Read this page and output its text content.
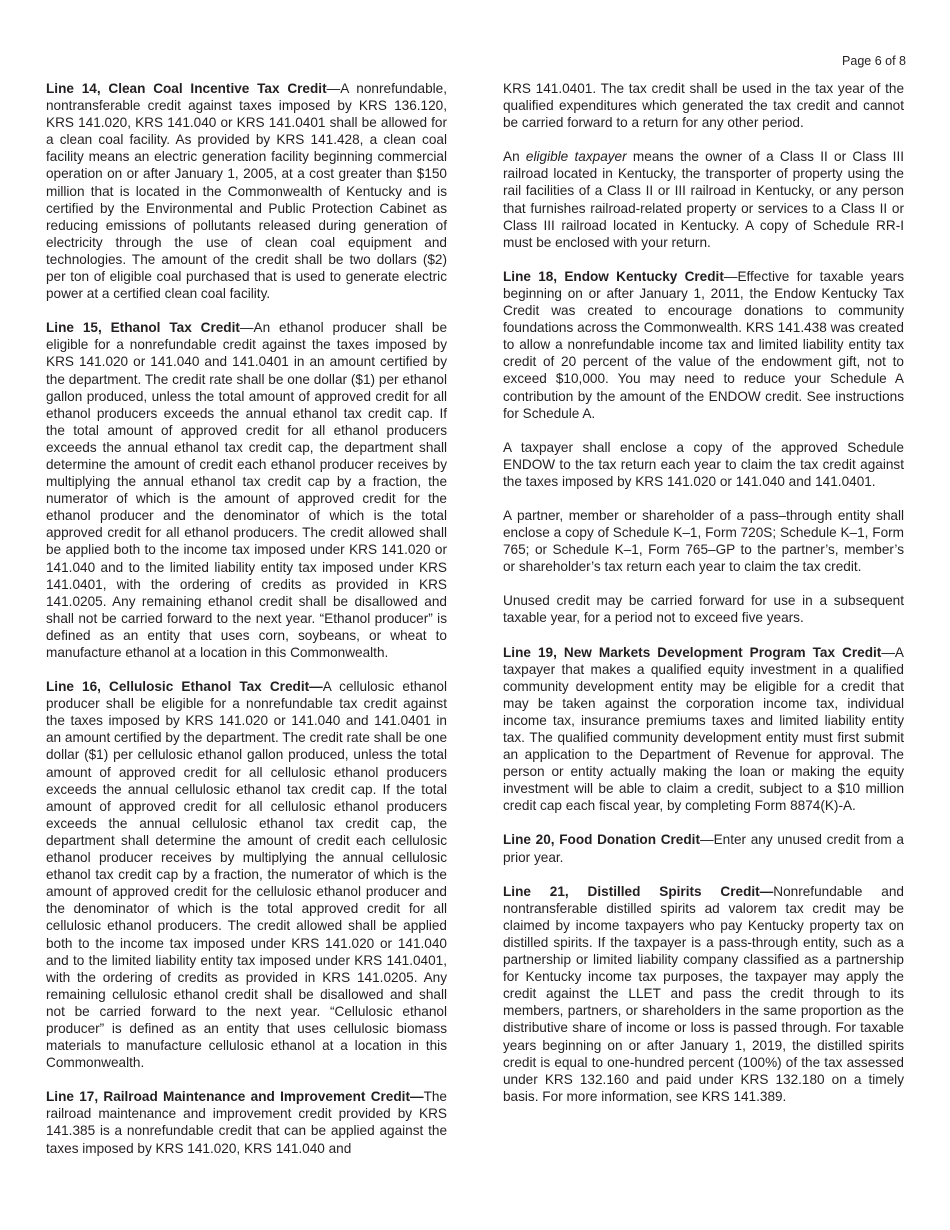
Page 6 of 8

Line 14, Clean Coal Incentive Tax Credit—A nonrefundable, nontransferable credit against taxes imposed by KRS 136.120, KRS 141.020, KRS 141.040 or KRS 141.0401 shall be allowed for a clean coal facility. As provided by KRS 141.428, a clean coal facility means an electric generation facility beginning commercial operation on or after January 1, 2005, at a cost greater than $150 million that is located in the Commonwealth of Kentucky and is certified by the Environmental and Public Protection Cabinet as reducing emissions of pollutants released during generation of electricity through the use of clean coal equipment and technologies. The amount of the credit shall be two dollars ($2) per ton of eligible coal purchased that is used to generate electric power at a certified clean coal facility.

Line 15, Ethanol Tax Credit—An ethanol producer shall be eligible for a nonrefundable credit against the taxes imposed by KRS 141.020 or 141.040 and 141.0401 in an amount certified by the department. The credit rate shall be one dollar ($1) per ethanol gallon produced, unless the total amount of approved credit for all ethanol producers exceeds the annual ethanol tax credit cap. If the total amount of approved credit for all ethanol producers exceeds the annual ethanol tax credit cap, the department shall determine the amount of credit each ethanol producer receives by multiplying the annual ethanol tax credit cap by a fraction, the numerator of which is the amount of approved credit for the ethanol producer and the denominator of which is the total approved credit for all ethanol producers. The credit allowed shall be applied both to the income tax imposed under KRS 141.020 or 141.040 and to the limited liability entity tax imposed under KRS 141.0401, with the ordering of credits as provided in KRS 141.0205. Any remaining ethanol credit shall be disallowed and shall not be carried forward to the next year. “Ethanol producer” is defined as an entity that uses corn, soybeans, or wheat to manufacture ethanol at a location in this Commonwealth.

Line 16, Cellulosic Ethanol Tax Credit—A cellulosic ethanol producer shall be eligible for a nonrefundable tax credit against the taxes imposed by KRS 141.020 or 141.040 and 141.0401 in an amount certified by the department. The credit rate shall be one dollar ($1) per cellulosic ethanol gallon produced, unless the total amount of approved credit for all cellulosic ethanol producers exceeds the annual cellulosic ethanol tax credit cap. If the total amount of approved credit for all cellulosic ethanol producers exceeds the annual cellulosic ethanol tax credit cap, the department shall determine the amount of credit each cellulosic ethanol producer receives by multiplying the annual cellulosic ethanol tax credit cap by a fraction, the numerator of which is the amount of approved credit for the cellulosic ethanol producer and the denominator of which is the total approved credit for all cellulosic ethanol producers. The credit allowed shall be applied both to the income tax imposed under KRS 141.020 or 141.040 and to the limited liability entity tax imposed under KRS 141.0401, with the ordering of credits as provided in KRS 141.0205. Any remaining cellulosic ethanol credit shall be disallowed and shall not be carried forward to the next year. “Cellulosic ethanol producer” is defined as an entity that uses cellulosic biomass materials to manufacture cellulosic ethanol at a location in this Commonwealth.

Line 17, Railroad Maintenance and Improvement Credit—The railroad maintenance and improvement credit provided by KRS 141.385 is a nonrefundable credit that can be applied against the taxes imposed by KRS 141.020, KRS 141.040 and

KRS 141.0401. The tax credit shall be used in the tax year of the qualified expenditures which generated the tax credit and cannot be carried forward to a return for any other period.

An eligible taxpayer means the owner of a Class II or Class III railroad located in Kentucky, the transporter of property using the rail facilities of a Class II or III railroad in Kentucky, or any person that furnishes railroad-related property or services to a Class II or Class III railroad located in Kentucky. A copy of Schedule RR-I must be enclosed with your return.

Line 18, Endow Kentucky Credit—Effective for taxable years beginning on or after January 1, 2011, the Endow Kentucky Tax Credit was created to encourage donations to community foundations across the Commonwealth. KRS 141.438 was created to allow a nonrefundable income tax and limited liability entity tax credit of 20 percent of the value of the endowment gift, not to exceed $10,000. You may need to reduce your Schedule A contribution by the amount of the ENDOW credit. See instructions for Schedule A.

A taxpayer shall enclose a copy of the approved Schedule ENDOW to the tax return each year to claim the tax credit against the taxes imposed by KRS 141.020 or 141.040 and 141.0401.

A partner, member or shareholder of a pass–through entity shall enclose a copy of Schedule K–1, Form 720S; Schedule K–1, Form 765; or Schedule K–1, Form 765–GP to the partner’s, member’s or shareholder’s tax return each year to claim the tax credit.

Unused credit may be carried forward for use in a subsequent taxable year, for a period not to exceed five years.

Line 19, New Markets Development Program Tax Credit—A taxpayer that makes a qualified equity investment in a qualified community development entity may be eligible for a credit that may be taken against the corporation income tax, individual income tax, insurance premiums taxes and limited liability entity tax. The qualified community development entity must first submit an application to the Department of Revenue for approval. The person or entity actually making the loan or making the equity investment will be able to claim a credit, subject to a $10 million credit cap each fiscal year, by completing Form 8874(K)-A.

Line 20, Food Donation Credit—Enter any unused credit from a prior year.

Line 21, Distilled Spirits Credit—Nonrefundable and nontransferable distilled spirits ad valorem tax credit may be claimed by income taxpayers who pay Kentucky property tax on distilled spirits. If the taxpayer is a pass-through entity, such as a partnership or limited liability company classified as a partnership for Kentucky income tax purposes, the taxpayer may apply the credit against the LLET and pass the credit through to its members, partners, or shareholders in the same proportion as the distributive share of income or loss is passed through. For taxable years beginning on or after January 1, 2019, the distilled spirits credit is equal to one-hundred percent (100%) of the tax assessed under KRS 132.160 and paid under KRS 132.180 on a timely basis. For more information, see KRS 141.389.
